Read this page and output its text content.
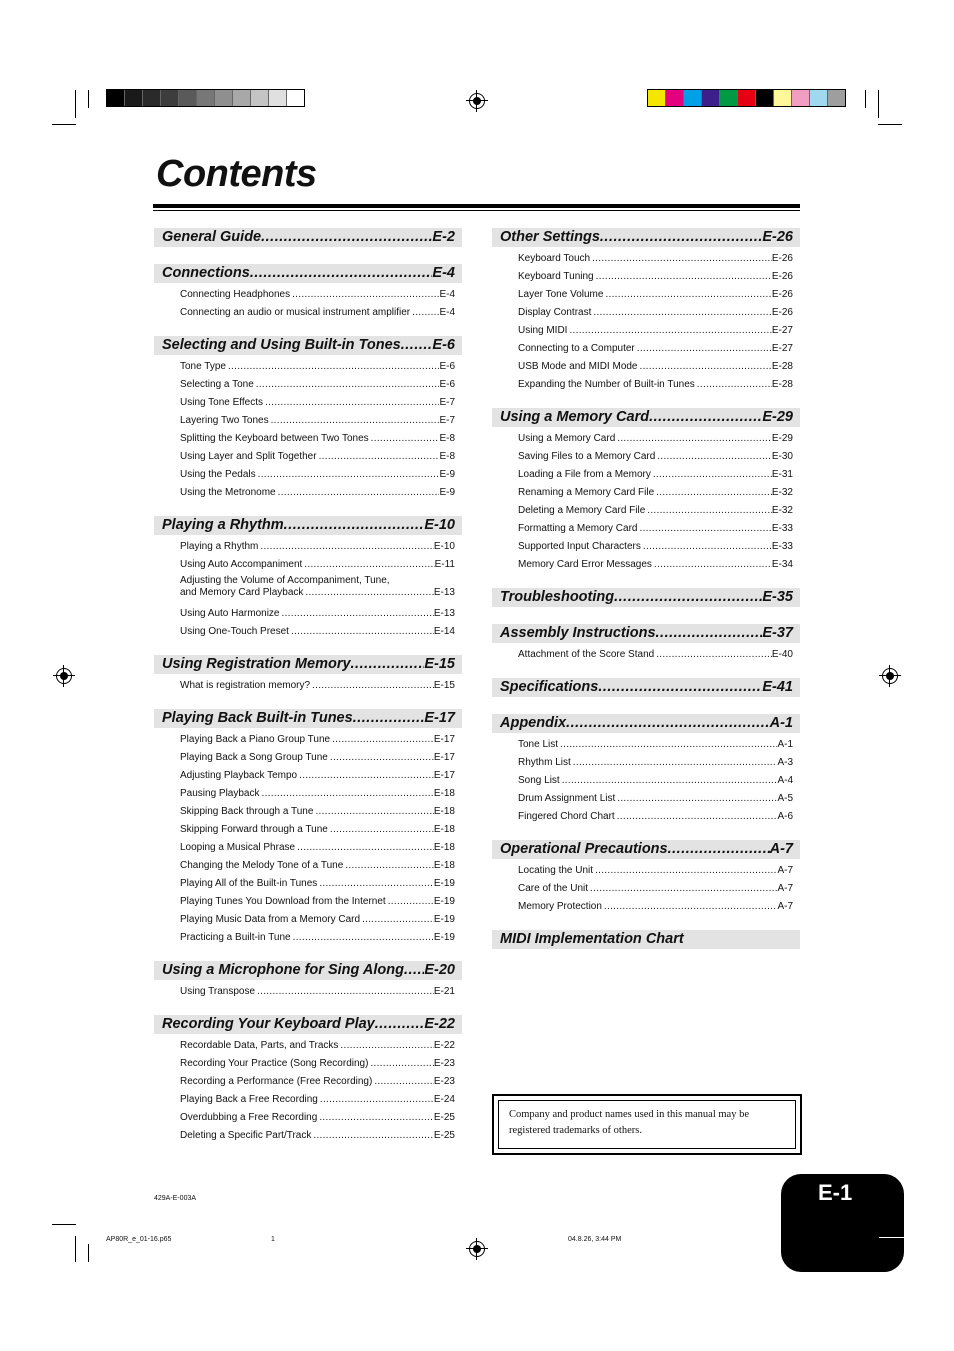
Contents
General Guide .....	E-2
Connections .....	E-4
Connecting Headphones .....	E-4
Connecting an audio or musical instrument amplifier .....	E-4
Selecting and Using Built-in Tones ..... E-6
Tone Type .....	E-6
Selecting a Tone .....	E-6
Using Tone Effects .....	E-7
Layering Two Tones .....	E-7
Splitting the Keyboard between Two Tones .....	E-8
Using Layer and Split Together .....	E-8
Using the Pedals .....	E-9
Using the Metronome .....	E-9
Playing a Rhythm .....	E-10
Playing a Rhythm .....	E-10
Using Auto Accompaniment .....	E-11
Adjusting the Volume of Accompaniment, Tune,
and Memory Card Playback .....	E-13
Using Auto Harmonize .....	E-13
Using One-Touch Preset .....	E-14
Using Registration Memory .....	E-15
What is registration memory? .....	E-15
Playing Back Built-in Tunes .....	E-17
Playing Back a Piano Group Tune .....	E-17
Playing Back a Song Group Tune .....	E-17
Adjusting Playback Tempo .....	E-17
Pausing Playback .....	E-18
Skipping Back through a Tune .....	E-18
Skipping Forward through a Tune .....	E-18
Looping a Musical Phrase .....	E-18
Changing the Melody Tone of a Tune .....	E-18
Playing All of the Built-in Tunes .....	E-19
Playing Tunes You Download from the Internet .....	E-19
Playing Music Data from a Memory Card .....	E-19
Practicing a Built-in Tune .....	E-19
Using a Microphone for Sing Along ..... E-20
Using Transpose .....	E-21
Recording Your Keyboard Play .....	E-22
Recordable Data, Parts, and Tracks .....	E-22
Recording Your Practice (Song Recording) .....	E-23
Recording a Performance (Free Recording) .....	E-23
Playing Back a Free Recording .....	E-24
Overdubbing a Free Recording .....	E-25
Deleting a Specific Part/Track .....	E-25
Other Settings .....	E-26
Keyboard Touch .....	E-26
Keyboard Tuning .....	E-26
Layer Tone Volume .....	E-26
Display Contrast .....	E-26
Using MIDI .....	E-27
Connecting to a Computer .....	E-27
USB Mode and MIDI Mode .....	E-28
Expanding the Number of Built-in Tunes .....	E-28
Using a Memory Card .....	E-29
Using a Memory Card .....	E-29
Saving Files to a Memory Card .....	E-30
Loading a File from a Memory .....	E-31
Renaming a Memory Card File .....	E-32
Deleting a Memory Card File .....	E-32
Formatting a Memory Card .....	E-33
Supported Input Characters .....	E-33
Memory Card Error Messages .....	E-34
Troubleshooting .....	E-35
Assembly Instructions .....	E-37
Attachment of the Score Stand .....	E-40
Specifications .....	E-41
Appendix .....	A-1
Tone List .....	A-1
Rhythm List .....	A-3
Song List .....	A-4
Drum Assignment List .....	A-5
Fingered Chord Chart .....	A-6
Operational Precautions .....	A-7
Locating the Unit .....	A-7
Care of the Unit .....	A-7
Memory Protection .....	A-7
MIDI Implementation Chart
Company and product names used in this manual may be registered trademarks of others.
E-1
429A-E-003A
AP80R_e_01-16.p65	1	04.8.26, 3:44 PM
